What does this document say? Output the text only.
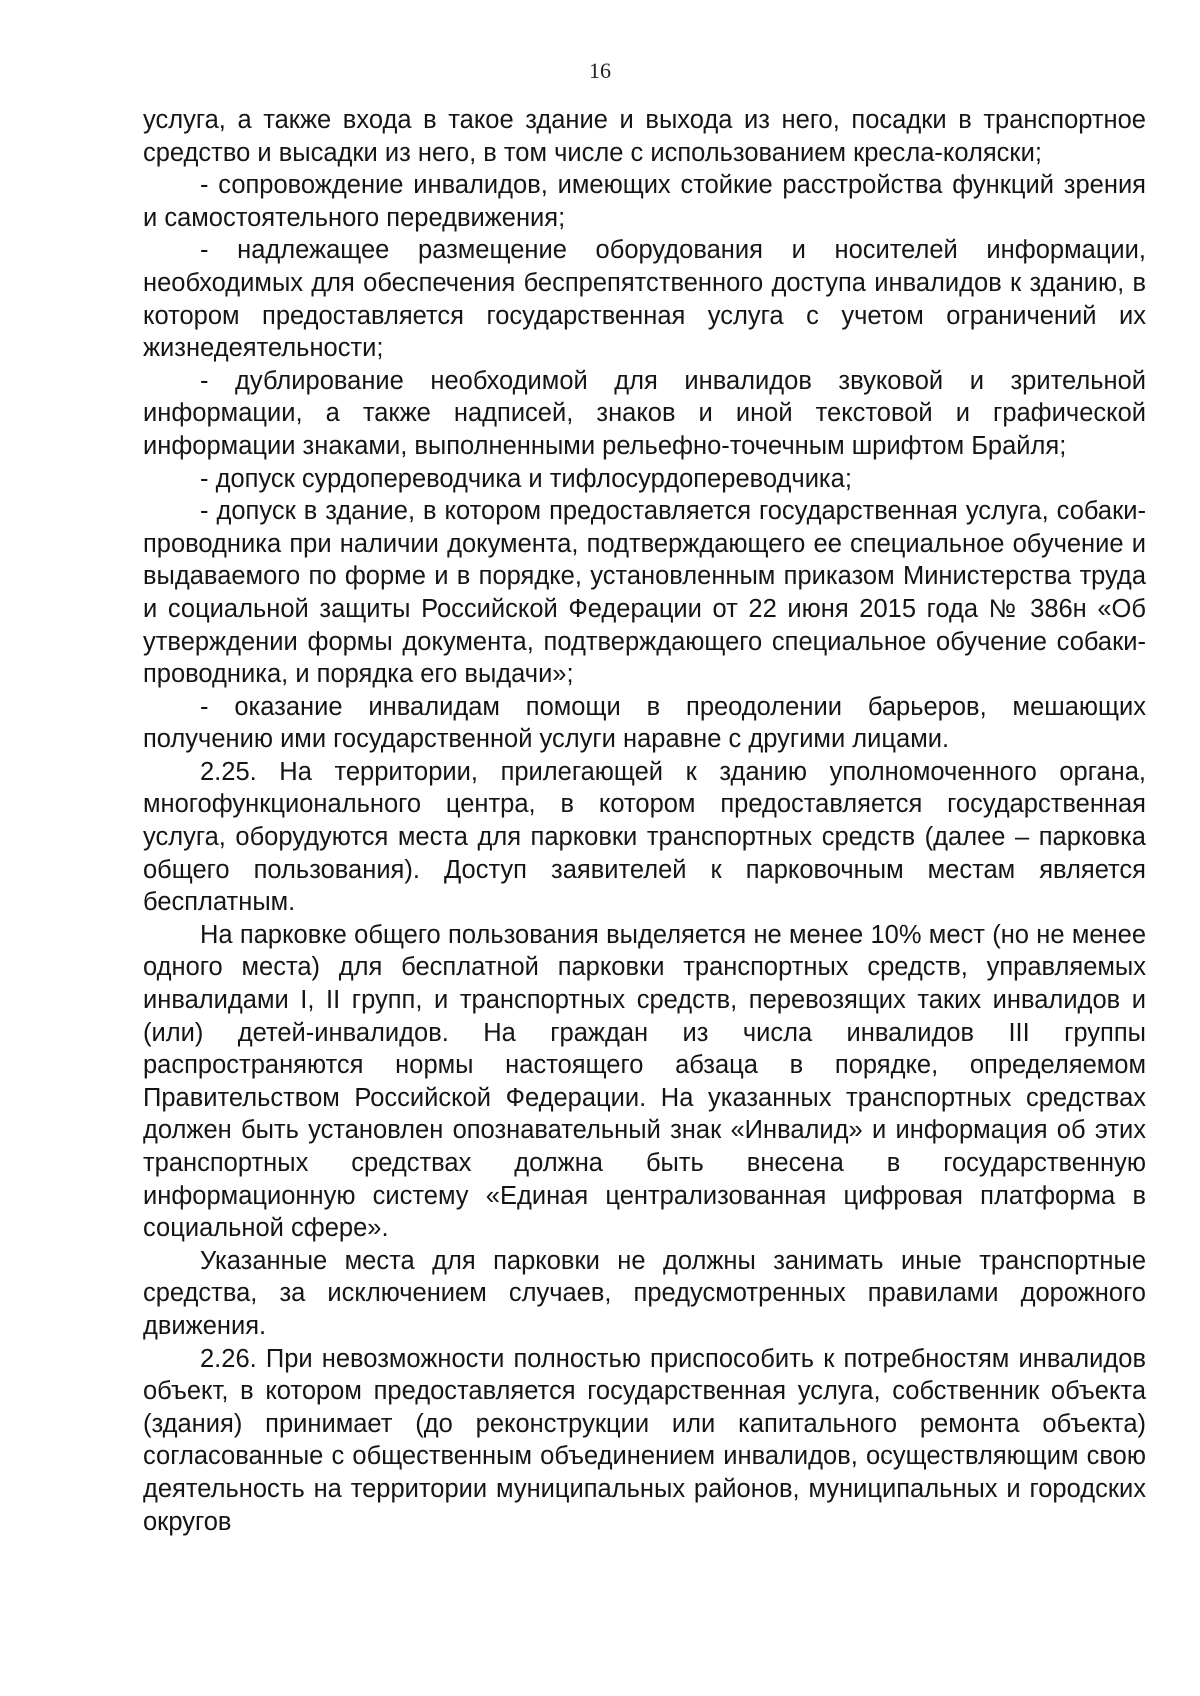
16

услуга, а также входа в такое здание и выхода из него, посадки в транспортное средство и высадки из него, в том числе с использованием кресла-коляски;

- сопровождение инвалидов, имеющих стойкие расстройства функций зрения и самостоятельного передвижения;

- надлежащее размещение оборудования и носителей информации, необходимых для обеспечения беспрепятственного доступа инвалидов к зданию, в котором предоставляется государственная услуга с учетом ограничений их жизнедеятельности;

- дублирование необходимой для инвалидов звуковой и зрительной информации, а также надписей, знаков и иной текстовой и графической информации знаками, выполненными рельефно-точечным шрифтом Брайля;

- допуск сурдопереводчика и тифлосурдопереводчика;

- допуск в здание, в котором предоставляется государственная услуга, собаки-проводника при наличии документа, подтверждающего ее специальное обучение и выдаваемого по форме и в порядке, установленным приказом Министерства труда и социальной защиты Российской Федерации от 22 июня 2015 года № 386н «Об утверждении формы документа, подтверждающего специальное обучение собаки-проводника, и порядка его выдачи»;

- оказание инвалидам помощи в преодолении барьеров, мешающих получению ими государственной услуги наравне с другими лицами.

2.25. На территории, прилегающей к зданию уполномоченного органа, многофункционального центра, в котором предоставляется государственная услуга, оборудуются места для парковки транспортных средств (далее – парковка общего пользования). Доступ заявителей к парковочным местам является бесплатным.

На парковке общего пользования выделяется не менее 10% мест (но не менее одного места) для бесплатной парковки транспортных средств, управляемых инвалидами I, II групп, и транспортных средств, перевозящих таких инвалидов и (или) детей-инвалидов. На граждан из числа инвалидов III группы распространяются нормы настоящего абзаца в порядке, определяемом Правительством Российской Федерации. На указанных транспортных средствах должен быть установлен опознавательный знак «Инвалид» и информация об этих транспортных средствах должна быть внесена в государственную информационную систему «Единая централизованная цифровая платформа в социальной сфере».

Указанные места для парковки не должны занимать иные транспортные средства, за исключением случаев, предусмотренных правилами дорожного движения.

2.26. При невозможности полностью приспособить к потребностям инвалидов объект, в котором предоставляется государственная услуга, собственник объекта (здания) принимает (до реконструкции или капитального ремонта объекта) согласованные с общественным объединением инвалидов, осуществляющим свою деятельность на территории муниципальных районов, муниципальных и городских округов
